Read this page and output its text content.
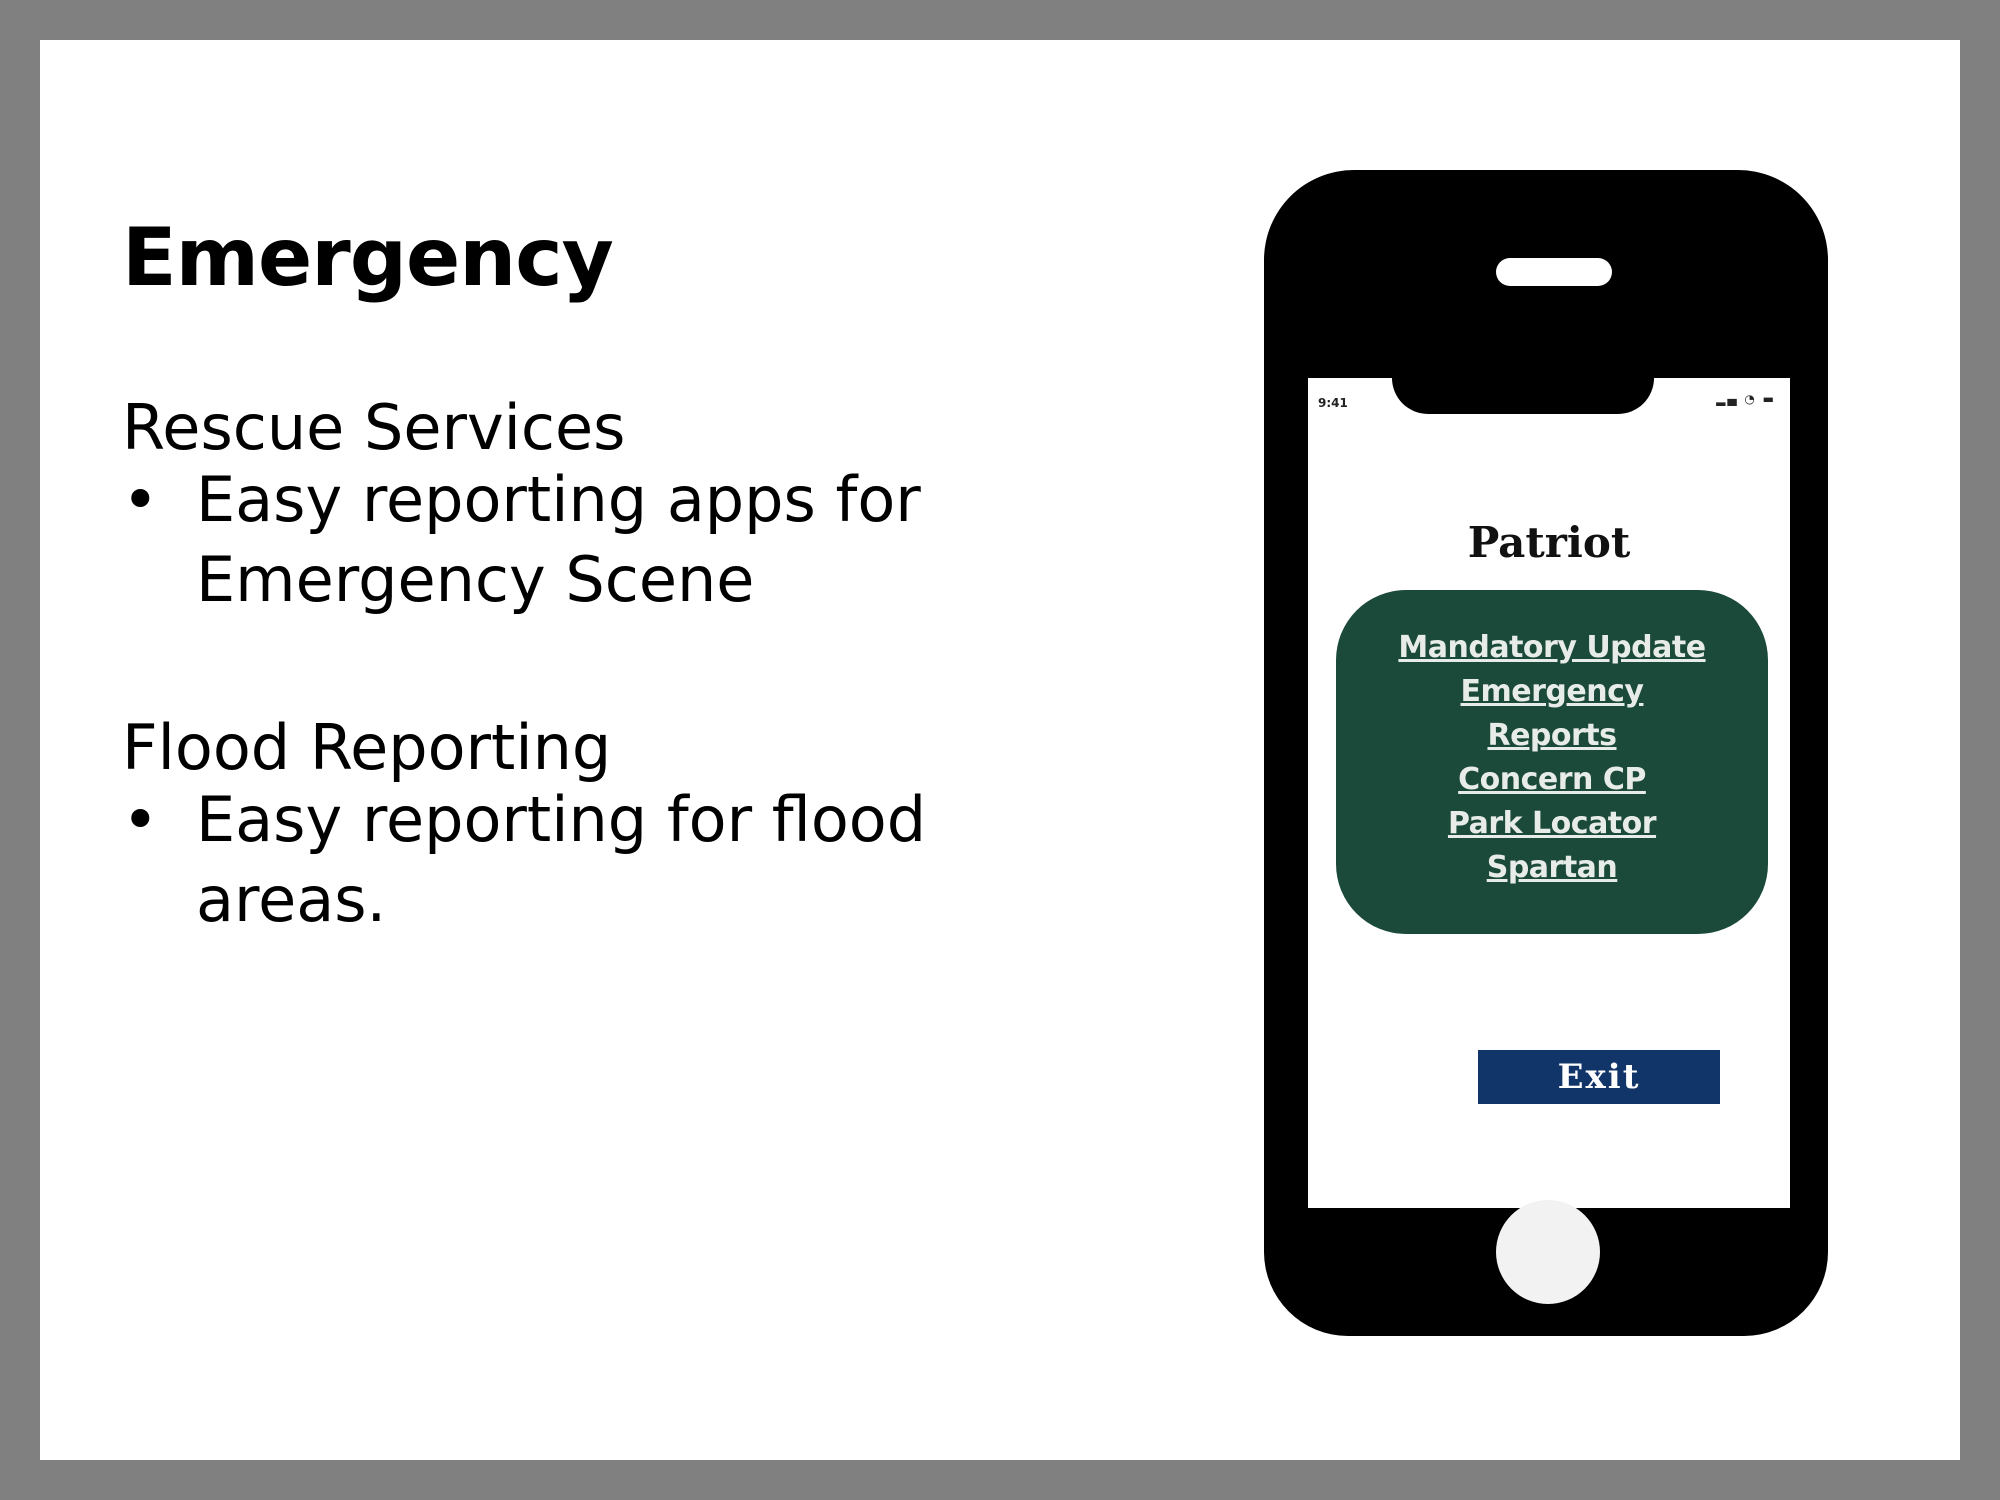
Emergency
Rescue Services
• Easy reporting apps for Emergency Scene
Flood Reporting
• Easy reporting for flood areas.
9:41	▂▄ ◔ ▬
Patriot
Mandatory Update
Emergency
Reports
Concern CP
Park Locator
Spartan
Exit
